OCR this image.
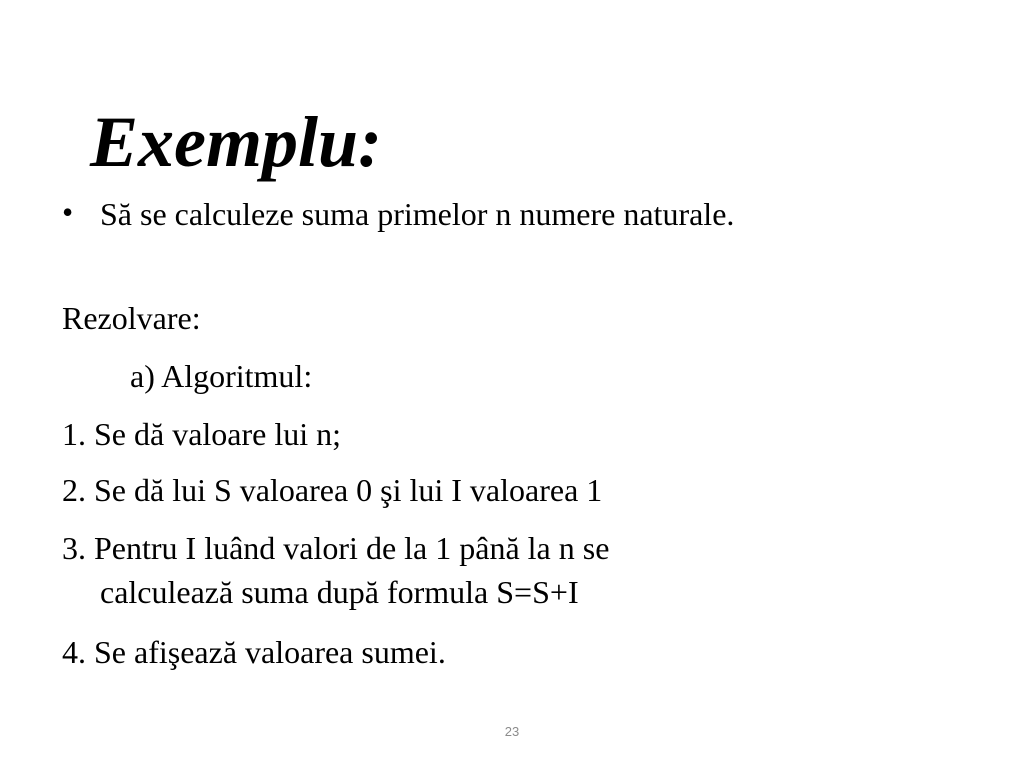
Exemplu:
• Să se calculeze suma primelor n numere naturale.
Rezolvare:
a) Algoritmul:
1. Se dă valoare lui n;
2. Se dă lui S valoarea 0 şi lui I valoarea 1
3. Pentru I luând valori de la 1 până la n se
calculează suma după formula S=S+I
4. Se afişează valoarea sumei.
23
